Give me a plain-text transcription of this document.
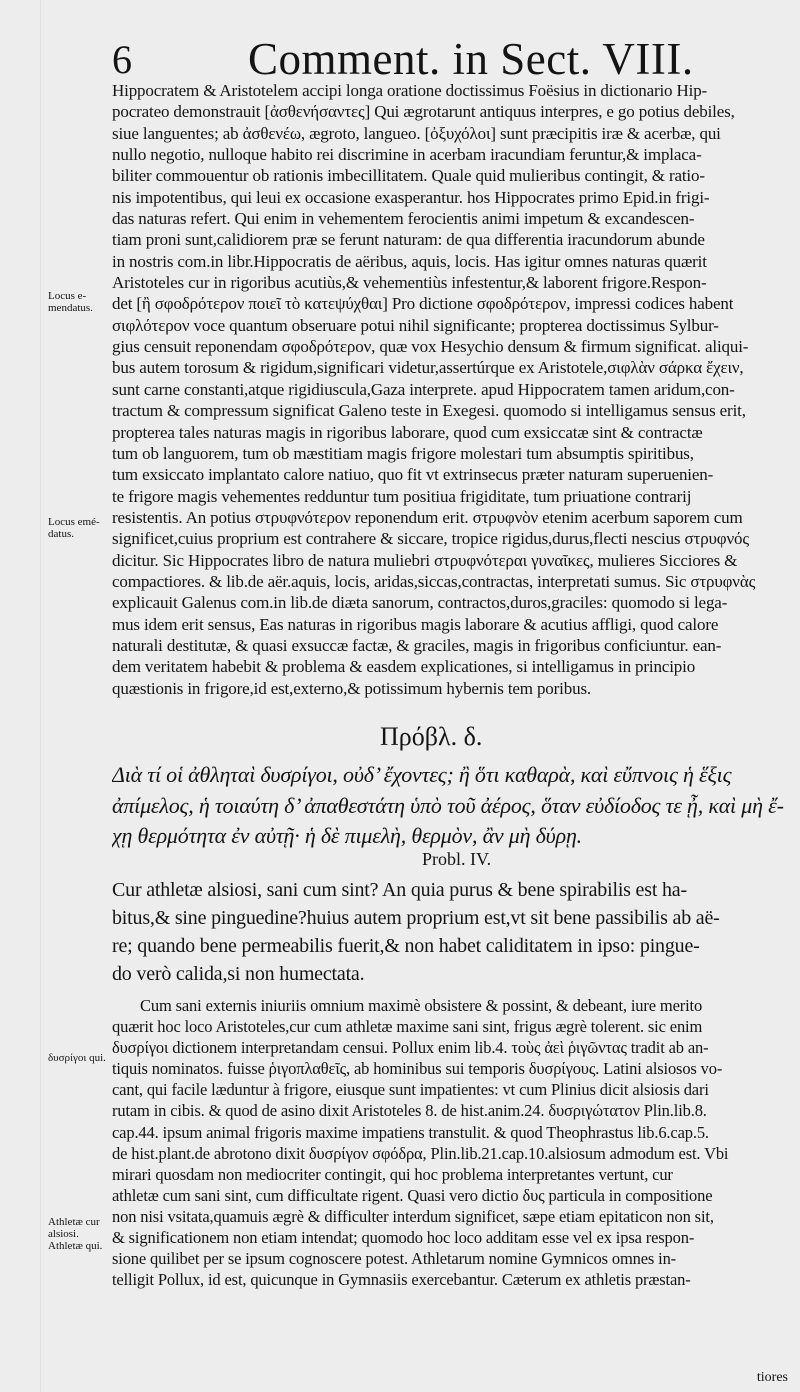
6	Comment. in Sect. VIII.
Locus e-mendatus.
Locus emé-datus.
δυσρίγοι qui.
Athletæ cur alsiosi. Athletæ qui.

Hippocratem & Aristotelem accipi longa oratione doctissimus Foësius in dictionario Hip-

pocrateo demonstrauit [ἀσθενήσαντες] Qui ægrotarunt antiquus interpres, e go potius debiles,

siue languentes; ab ἀσθενέω, ægroto, langueo. [ὀξυχόλοι] sunt præcipitis iræ & acerbæ, qui

nullo negotio, nulloque habito rei discrimine in acerbam iracundiam feruntur,& implaca-

biliter commouentur ob rationis imbecillitatem. Quale quid mulieribus contingit, & ratio-

nis impotentibus, qui leui ex occasione exasperantur. hos Hippocrates primo Epid.in frigi-

das naturas refert. Qui enim in vehementem ferocientis animi impetum & excandescen-

tiam proni sunt,calidiorem præ se ferunt naturam: de qua differentia iracundorum abunde

in nostris com.in libr.Hippocratis de aëribus, aquis, locis. Has igitur omnes naturas quærit

Aristoteles cur in rigoribus acutiùs,& vehementiùs infestentur,& laborent frigore.Respon-

det [ἢ σφοδρότερον ποιεῖ τὸ κατεψύχθαι] Pro dictione σφοδρότερον, impressi codices habent

σιφλότερον voce quantum obseruare potui nihil significante; propterea doctissimus Sylbur-

gius censuit reponendam σφοδρότερον, quæ vox Hesychio densum & firmum significat. aliqui-

bus autem torosum & rigidum,significari videtur,assertúrque ex Aristotele,σιφλὰν σάρκα ἔχειν,

sunt carne constanti,atque rigidiuscula,Gaza interprete. apud Hippocratem tamen aridum,con-

tractum & compressum significat Galeno teste in Exegesi. quomodo si intelligamus sensus erit,

propterea tales naturas magis in rigoribus laborare, quod cum exsiccatæ sint & contractæ

tum ob languorem, tum ob mæstitiam magis frigore molestari tum absumptis spiritibus,

tum exsiccato implantato calore natiuo, quo fit vt extrinsecus præter naturam superuenien-

te frigore magis vehementes redduntur tum positiua frigiditate, tum priuatione contrarij

resistentis. An potius στρυφνότερον reponendum erit. στρυφνὸν etenim acerbum saporem cum

significet,cuius proprium est contrahere & siccare, tropice rigidus,durus,flecti nescius στρυφνός

dicitur. Sic Hippocrates libro de natura muliebri στρυφνότεραι γυναῖκες, mulieres Sicciores &

compactiores. & lib.de aër.aquis, locis, aridas,siccas,contractas, interpretati sumus. Sic στρυφνὰς

explicauit Galenus com.in lib.de diæta sanorum, contractos,duros,graciles: quomodo si lega-

mus idem erit sensus, Eas naturas in rigoribus magis laborare & acutius affligi, quod calore

naturali destitutæ, & quasi exsuccæ factæ, & graciles, magis in frigoribus conficiuntur. ean-

dem veritatem habebit & problema & easdem explicationes, si intelligamus in principio

quæstionis in frigore,id est,externo,& potissimum hybernis tem poribus.

Πρόβλ. δ.

Διὰ τί οἱ ἀθληταὶ δυσρίγοι, οὐδ’ ἔχοντες; ἢ ὅτι καθαρὰ, καὶ εὔπνοις ἡ ἕξις

ἀπίμελος, ἡ τοιαύτη δ’ ἀπαθεστάτη ὑπὸ τοῦ ἀέρος, ὅταν εὐδίοδος τε ᾖ, καὶ μὴ ἔ-

χῃ θερμότητα ἐν αὐτῇ· ἡ δὲ πιμελὴ, θερμὸν, ἂν μὴ δύρῃ.

Probl. IV.

Cur athletæ alsiosi, sani cum sint? An quia purus & bene spirabilis est ha-

bitus,& sine pinguedine?huius autem proprium est,vt sit bene passibilis ab aë-

re; quando bene permeabilis fuerit,& non habet caliditatem in ipso: pingue-

do verò calida,si non humectata.

Cum sani externis iniuriis omnium maximè obsistere & possint, & debeant, iure merito

quærit hoc loco Aristoteles,cur cum athletæ maxime sani sint, frigus ægrè tolerent. sic enim

δυσρίγοι dictionem interpretandam censui. Pollux enim lib.4. τοὺς ἀεὶ ῥιγῶντας tradit ab an-

tiquis nominatos. fuisse ῥιγοπλαθεῖς, ab hominibus sui temporis δυσρίγους. Latini alsiosos vo-

cant, qui facile læduntur à frigore, eiusque sunt impatientes: vt cum Plinius dicit alsiosis dari

rutam in cibis. & quod de asino dixit Aristoteles 8. de hist.anim.24. δυσριγώτατον Plin.lib.8.

cap.44. ipsum animal frigoris maxime impatiens transtulit. & quod Theophrastus lib.6.cap.5.

de hist.plant.de abrotono dixit δυσρίγον σφόδρα, Plin.lib.21.cap.10.alsiosum admodum est. Vbi

mirari quosdam non mediocriter contingit, qui hoc problema interpretantes vertunt, cur

athletæ cum sani sint, cum difficultate rigent. Quasi vero dictio δυς particula in compositione

non nisi vsitata,quamuis ægrè & difficulter interdum significet, sæpe etiam epitaticon non sit,

& significationem non etiam intendat; quomodo hoc loco additam esse vel ex ipsa respon-

sione quilibet per se ipsum cognoscere potest. Athletarum nomine Gymnicos omnes in-

telligit Pollux, id est, quicunque in Gymnasiis exercebantur. Cæterum ex athletis præstan-

tiores
